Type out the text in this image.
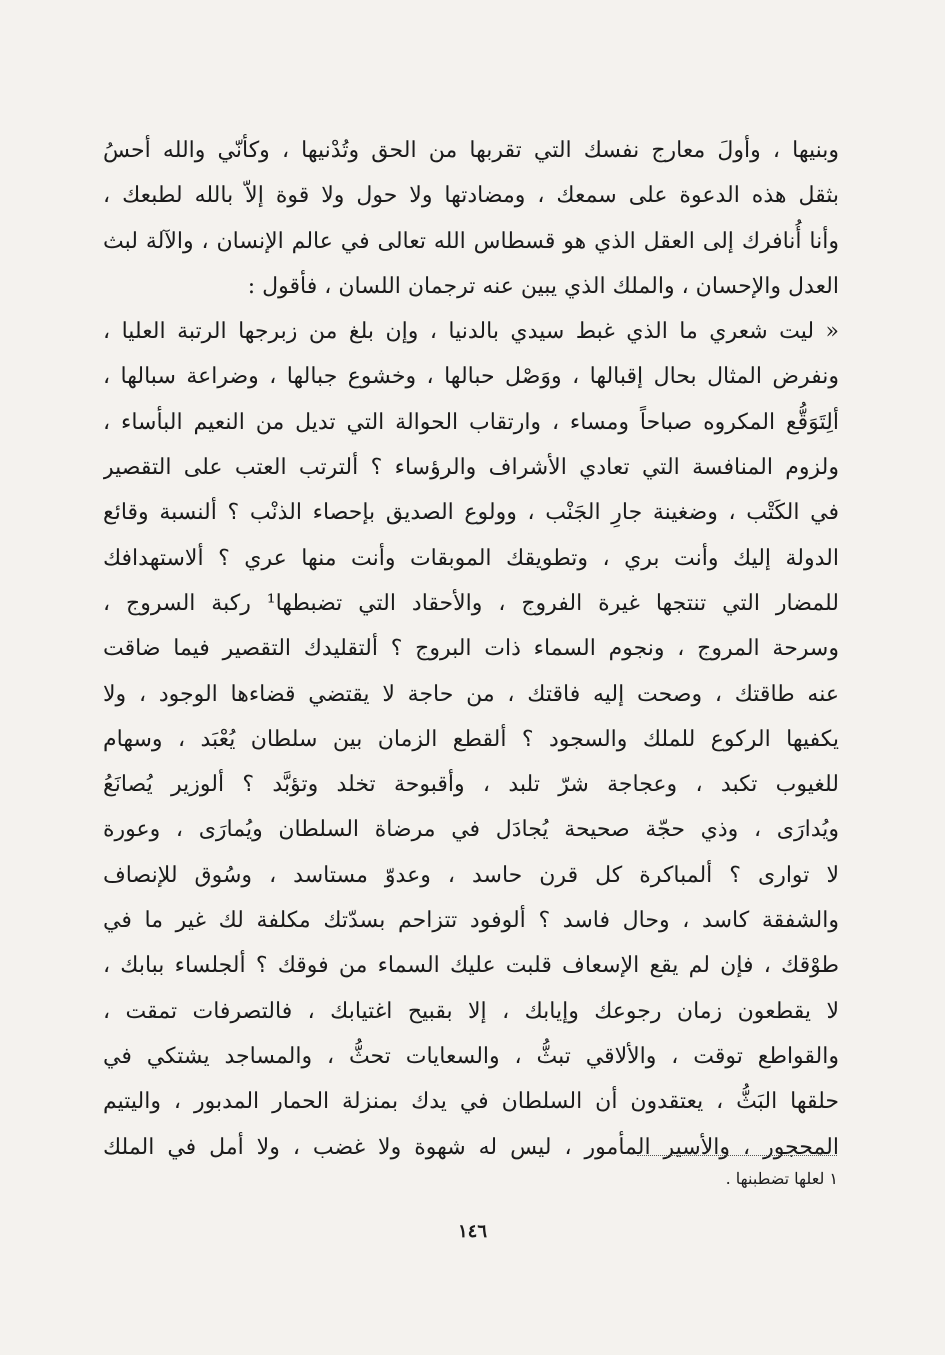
وبنيها ، وأولَ معارج نفسك التي تقربها من الحق وتُدْنيها ، وكأنّي والله أحسُ
بثقل هذه الدعوة على سمعك ، ومضادتها ولا حول ولا قوة إلاّ بالله لطبعك ،
وأنا أُنافرك إلى العقل الذي هو قسطاس الله تعالى في عالم الإنسان ، والآلة لبث
العدل والإحسان ، والملك الذي يبين عنه ترجمان اللسان ، فأقول :
« ليت شعري ما الذي غبط سيدي بالدنيا ، وإن بلغ من زبرجها الرتبة العليا ،
ونفرض المثال بحال إقبالها ، ووَصْل حبالها ، وخشوع جبالها ، وضراعة سبالها ،
ألِتَوَقُّع المكروه صباحاً ومساء ، وارتقاب الحوالة التي تديل من النعيم البأساء ،
ولزوم المنافسة التي تعادي الأشراف والرؤساء ؟ ألترتب العتب على التقصير
في الكَتْب ، وضغينة جارِ الجَنْب ، وولوع الصديق بإحصاء الذنْب ؟ ألنسبة وقائع
الدولة إليك وأنت بري ، وتطويقك الموبقات وأنت منها عري ؟ ألاستهدافك
للمضار التي تنتجها غيرة الفروج ، والأحقاد التي تضبطها¹ ركبة السروج ،
وسرحة المروج ، ونجوم السماء ذات البروج ؟ ألتقليدك التقصير فيما ضاقت
عنه طاقتك ، وصحت إليه فاقتك ، من حاجة لا يقتضي قضاءها الوجود ، ولا
يكفيها الركوع للملك والسجود ؟ ألقطع الزمان بين سلطان يُعْبَد ، وسهام
للغيوب تكبد ، وعجاجة شرّ تلبد ، وأقبوحة تخلد وتؤبَّد ؟ ألوزير يُصانَعُ
ويُدارَى ، وذي حجّة صحيحة يُجادَل في مرضاة السلطان ويُمارَى ، وعورة
لا توارى ؟ ألمباكرة كل قرن حاسد ، وعدوّ مستاسد ، وسُوق للإنصاف
والشفقة كاسد ، وحال فاسد ؟ ألوفود تتزاحم بسدّتك مكلفة لك غير ما في
طوْقك ، فإن لم يقع الإسعاف قلبت عليك السماء من فوقك ؟ ألجلساء ببابك ،
لا يقطعون زمان رجوعك وإيابك ، إلا بقبيح اغتيابك ، فالتصرفات تمقت ،
والقواطع توقت ، والألاقي تبثُّ ، والسعايات تحثُّ ، والمساجد يشتكي في
حلقها البَثُّ ، يعتقدون أن السلطان في يدك بمنزلة الحمار المدبور ، واليتيم
المحجور ، والأسير المأمور ، ليس له شهوة ولا غضب ، ولا أمل في الملك
١ لعلها تضطبنها .
١٤٦
